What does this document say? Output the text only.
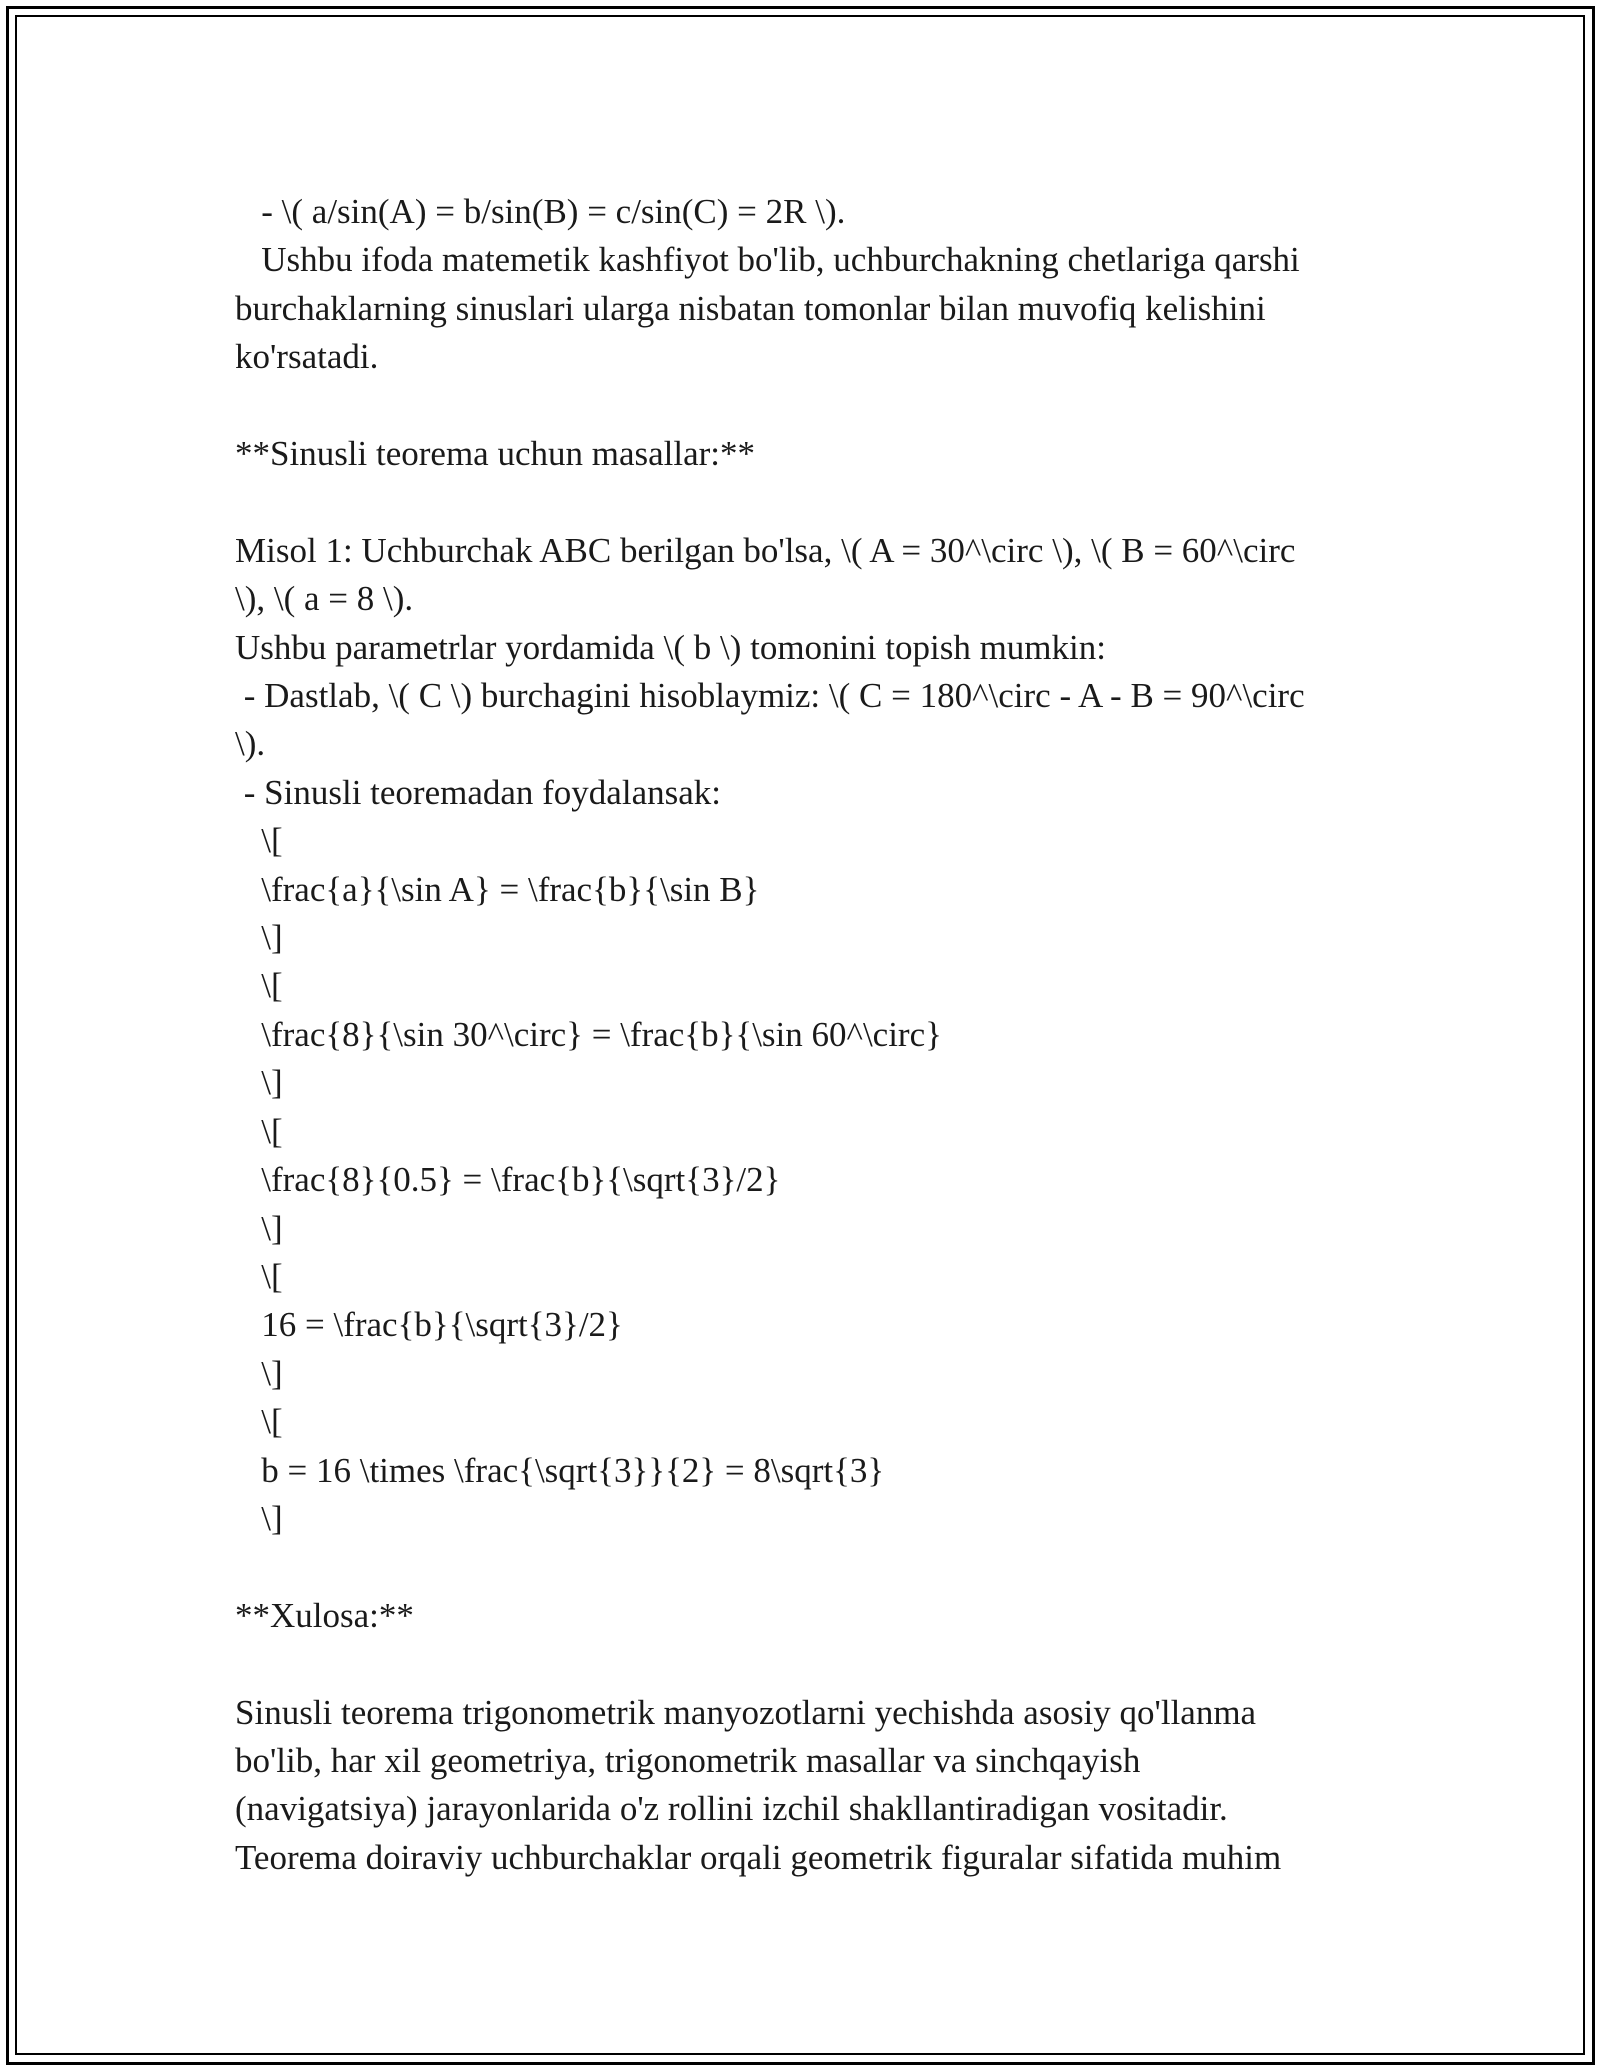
- \( a/sin(A) = b/sin(B) = c/sin(C) = 2R \).
Ushbu ifoda matemetik kashfiyot bo'lib, uchburchakning chetlariga qarshi
burchaklarning sinuslari ularga nisbatan tomonlar bilan muvofiq kelishini
ko'rsatadi.
**Sinusli teorema uchun masallar:**
Misol 1: Uchburchak ABC berilgan bo'lsa, \( A = 30^\circ \), \( B = 60^\circ
\), \( a = 8 \).
Ushbu parametrlar yordamida \( b \) tomonini topish mumkin:
- Dastlab, \( C \) burchagini hisoblaymiz: \( C = 180^\circ - A - B = 90^\circ
\).
- Sinusli teoremadan foydalansak:
\[
\frac{a}{\sin A} = \frac{b}{\sin B}
\]
\[
\frac{8}{\sin 30^\circ} = \frac{b}{\sin 60^\circ}
\]
\[
\frac{8}{0.5} = \frac{b}{\sqrt{3}/2}
\]
\[
16 = \frac{b}{\sqrt{3}/2}
\]
\[
b = 16 \times \frac{\sqrt{3}}{2} = 8\sqrt{3}
\]
**Xulosa:**
Sinusli teorema trigonometrik manyozotlarni yechishda asosiy qo'llanma
bo'lib, har xil geometriya, trigonometrik masallar va sinchqayish
(navigatsiya) jarayonlarida o'z rollini izchil shakllantiradigan vositadir.
Teorema doiraviy uchburchaklar orqali geometrik figuralar sifatida muhim
